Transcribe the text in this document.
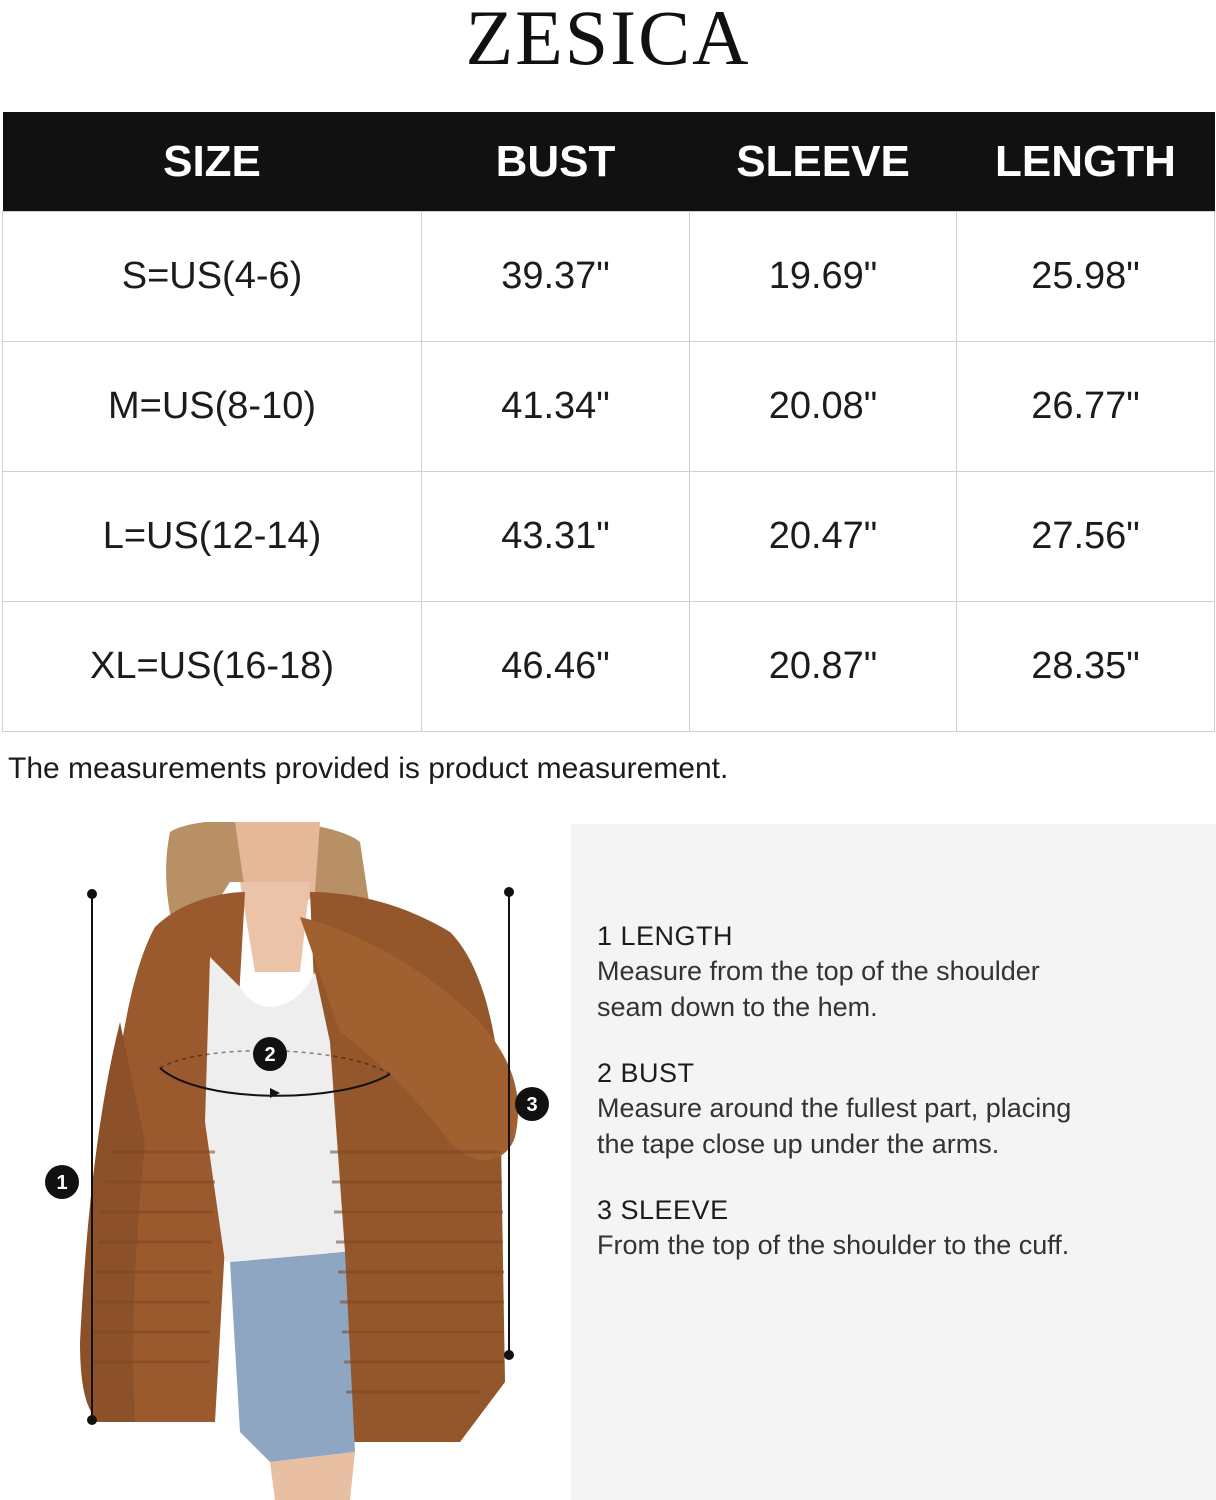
ZESICA
SIZE	BUST	SLEEVE	LENGTH
S=US(4-6)	39.37"	19.69"	25.98"
M=US(8-10)	41.34"	20.08"	26.77"
L=US(12-14)	43.31"	20.47"	27.56"
XL=US(16-18)	46.46"	20.87"	28.35"
The measurements provided is product measurement.
1
2
3
1 LENGTH
Measure from the top of the shoulder
seam down to the hem.
2 BUST
Measure around the fullest part, placing
the tape close up under the arms.
3 SLEEVE
From the top of the shoulder to the cuff.
